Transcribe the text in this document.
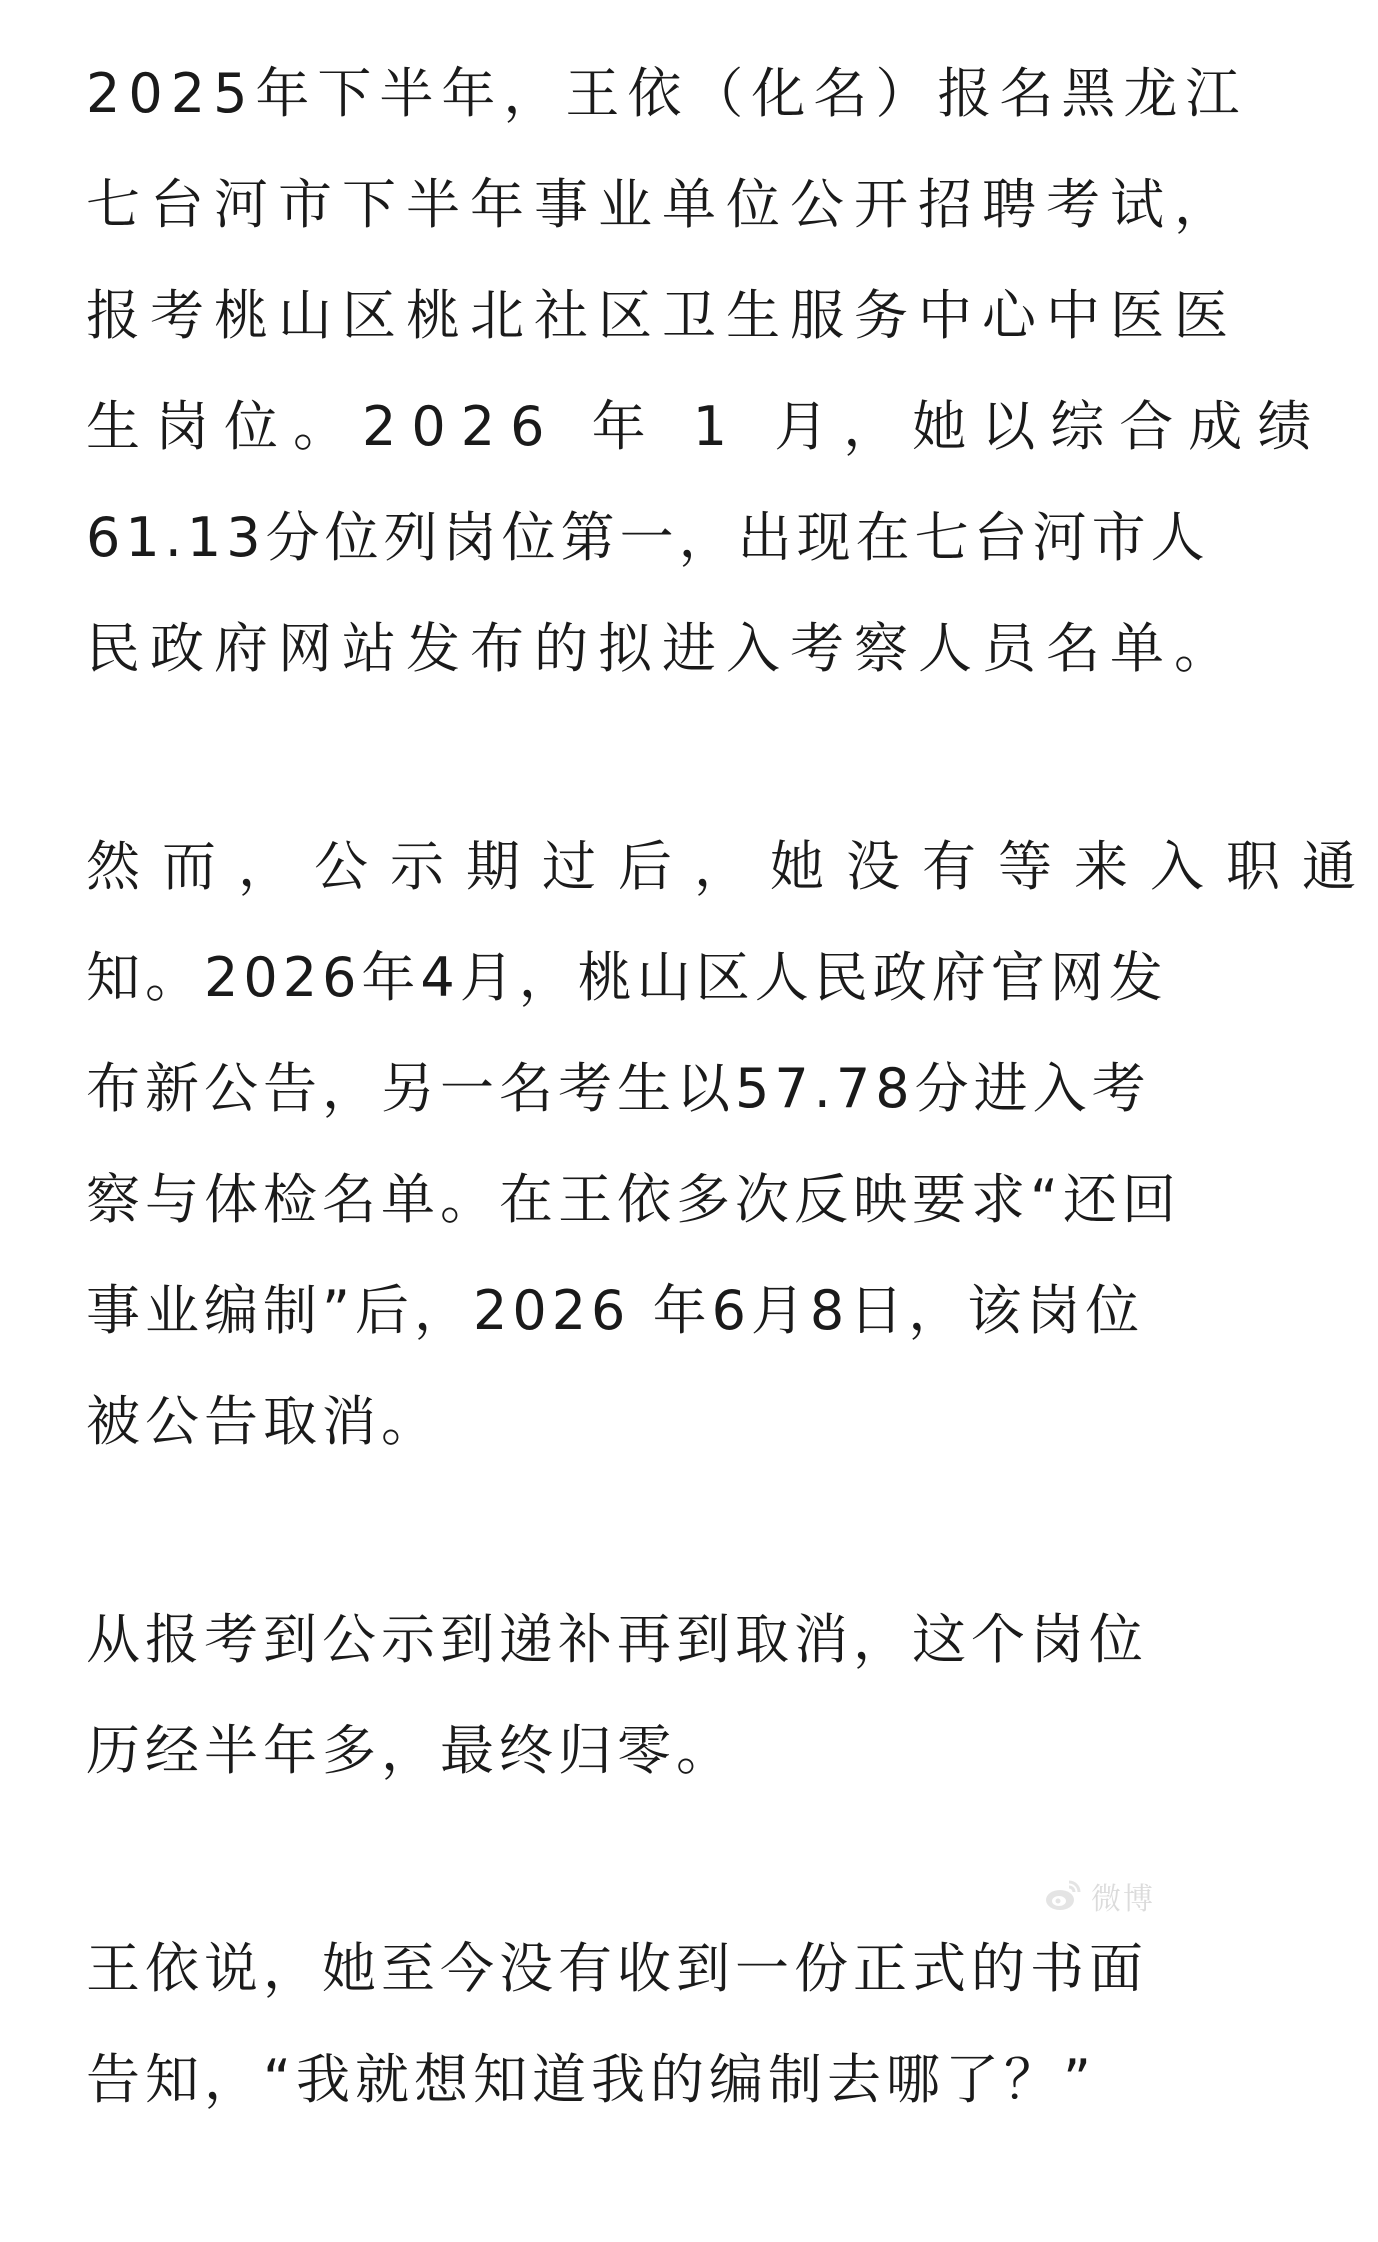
2025年下半年，王依（化名）报名黑龙江
七台河市下半年事业单位公开招聘考试，
报考桃山区桃北社区卫生服务中心中医医
生岗位。2026 年 1 月，她以综合成绩
61.13分位列岗位第一，出现在七台河市人
民政府网站发布的拟进入考察人员名单。
然而，公示期过后，她没有等来入职通
知。2026年4月，桃山区人民政府官网发
布新公告，另一名考生以57.78分进入考
察与体检名单。在王依多次反映要求“还回
事业编制”后，2026 年6月8日，该岗位
被公告取消。
从报考到公示到递补再到取消，这个岗位
历经半年多，最终归零。
王依说，她至今没有收到一份正式的书面
告知，“我就想知道我的编制去哪了？”
微博
